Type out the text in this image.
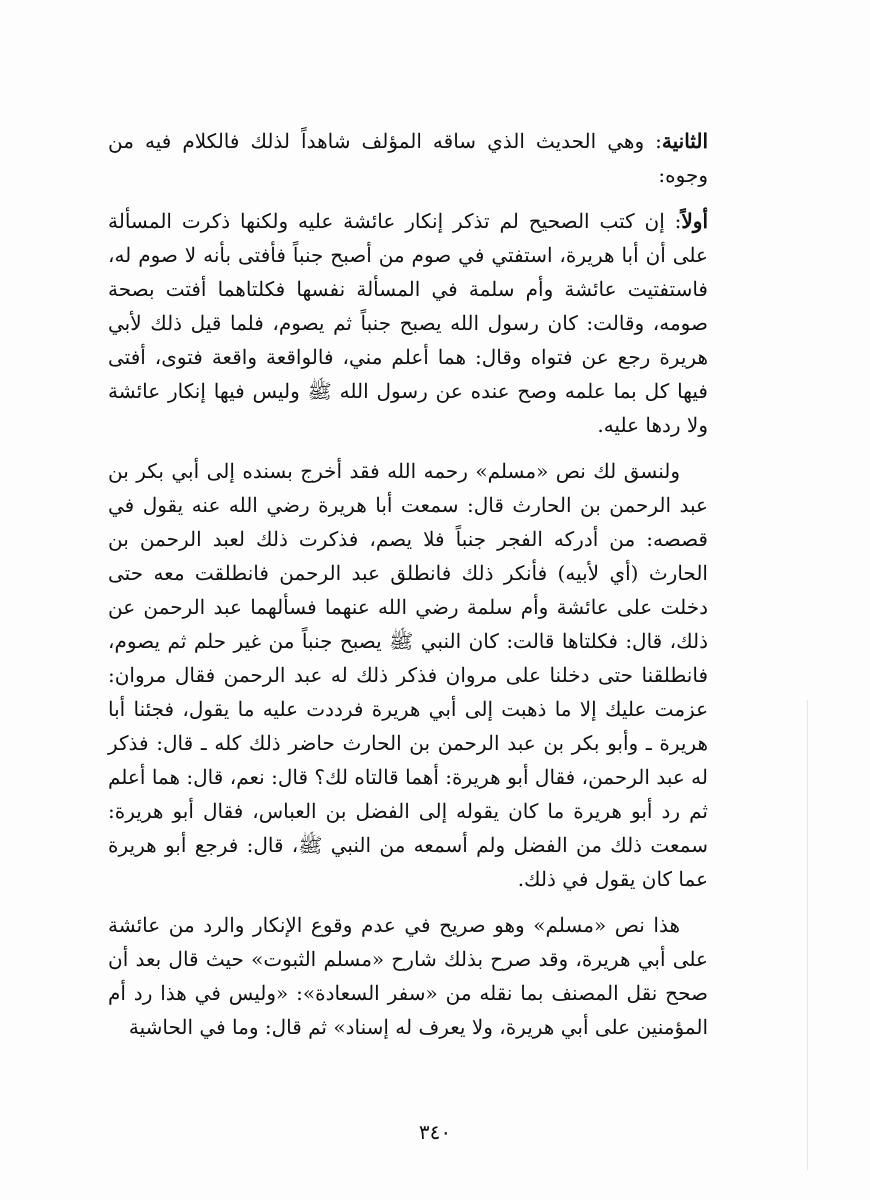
الثانية: وهي الحديث الذي ساقه المؤلف شاهداً لذلك فالكلام فيه من وجوه:

أولاً: إن كتب الصحيح لم تذكر إنكار عائشة عليه ولكنها ذكرت المسألة على أن أبا هريرة، استفتي في صوم من أصبح جنباً فأفتى بأنه لا صوم له، فاستفتيت عائشة وأم سلمة في المسألة نفسها فكلتاهما أفتت بصحة صومه، وقالت: كان رسول الله يصبح جنباً ثم يصوم، فلما قيل ذلك لأبي هريرة رجع عن فتواه وقال: هما أعلم مني، فالواقعة واقعة فتوى، أفتى فيها كل بما علمه وصح عنده عن رسول الله ﷺ وليس فيها إنكار عائشة ولا ردها عليه.

ولنسق لك نص «مسلم» رحمه الله فقد أخرج بسنده إلى أبي بكر بن عبد الرحمن بن الحارث قال: سمعت أبا هريرة رضي الله عنه يقول في قصصه: من أدركه الفجر جنباً فلا يصم، فذكرت ذلك لعبد الرحمن بن الحارث (أي لأبيه) فأنكر ذلك فانطلق عبد الرحمن فانطلقت معه حتى دخلت على عائشة وأم سلمة رضي الله عنهما فسألهما عبد الرحمن عن ذلك، قال: فكلتاها قالت: كان النبي ﷺ يصبح جنباً من غير حلم ثم يصوم، فانطلقنا حتى دخلنا على مروان فذكر ذلك له عبد الرحمن فقال مروان: عزمت عليك إلا ما ذهبت إلى أبي هريرة فرددت عليه ما يقول، فجئنا أبا هريرة ـ وأبو بكر بن عبد الرحمن بن الحارث حاضر ذلك كله ـ قال: فذكر له عبد الرحمن، فقال أبو هريرة: أهما قالتاه لك؟ قال: نعم، قال: هما أعلم ثم رد أبو هريرة ما كان يقوله إلى الفضل بن العباس، فقال أبو هريرة: سمعت ذلك من الفضل ولم أسمعه من النبي ﷺ، قال: فرجع أبو هريرة عما كان يقول في ذلك.

هذا نص «مسلم» وهو صريح في عدم وقوع الإنكار والرد من عائشة على أبي هريرة، وقد صرح بذلك شارح «مسلم الثبوت» حيث قال بعد أن صحح نقل المصنف بما نقله من «سفر السعادة»: «وليس في هذا رد أم المؤمنين على أبي هريرة، ولا يعرف له إسناد» ثم قال: وما في الحاشية

٣٤٠
